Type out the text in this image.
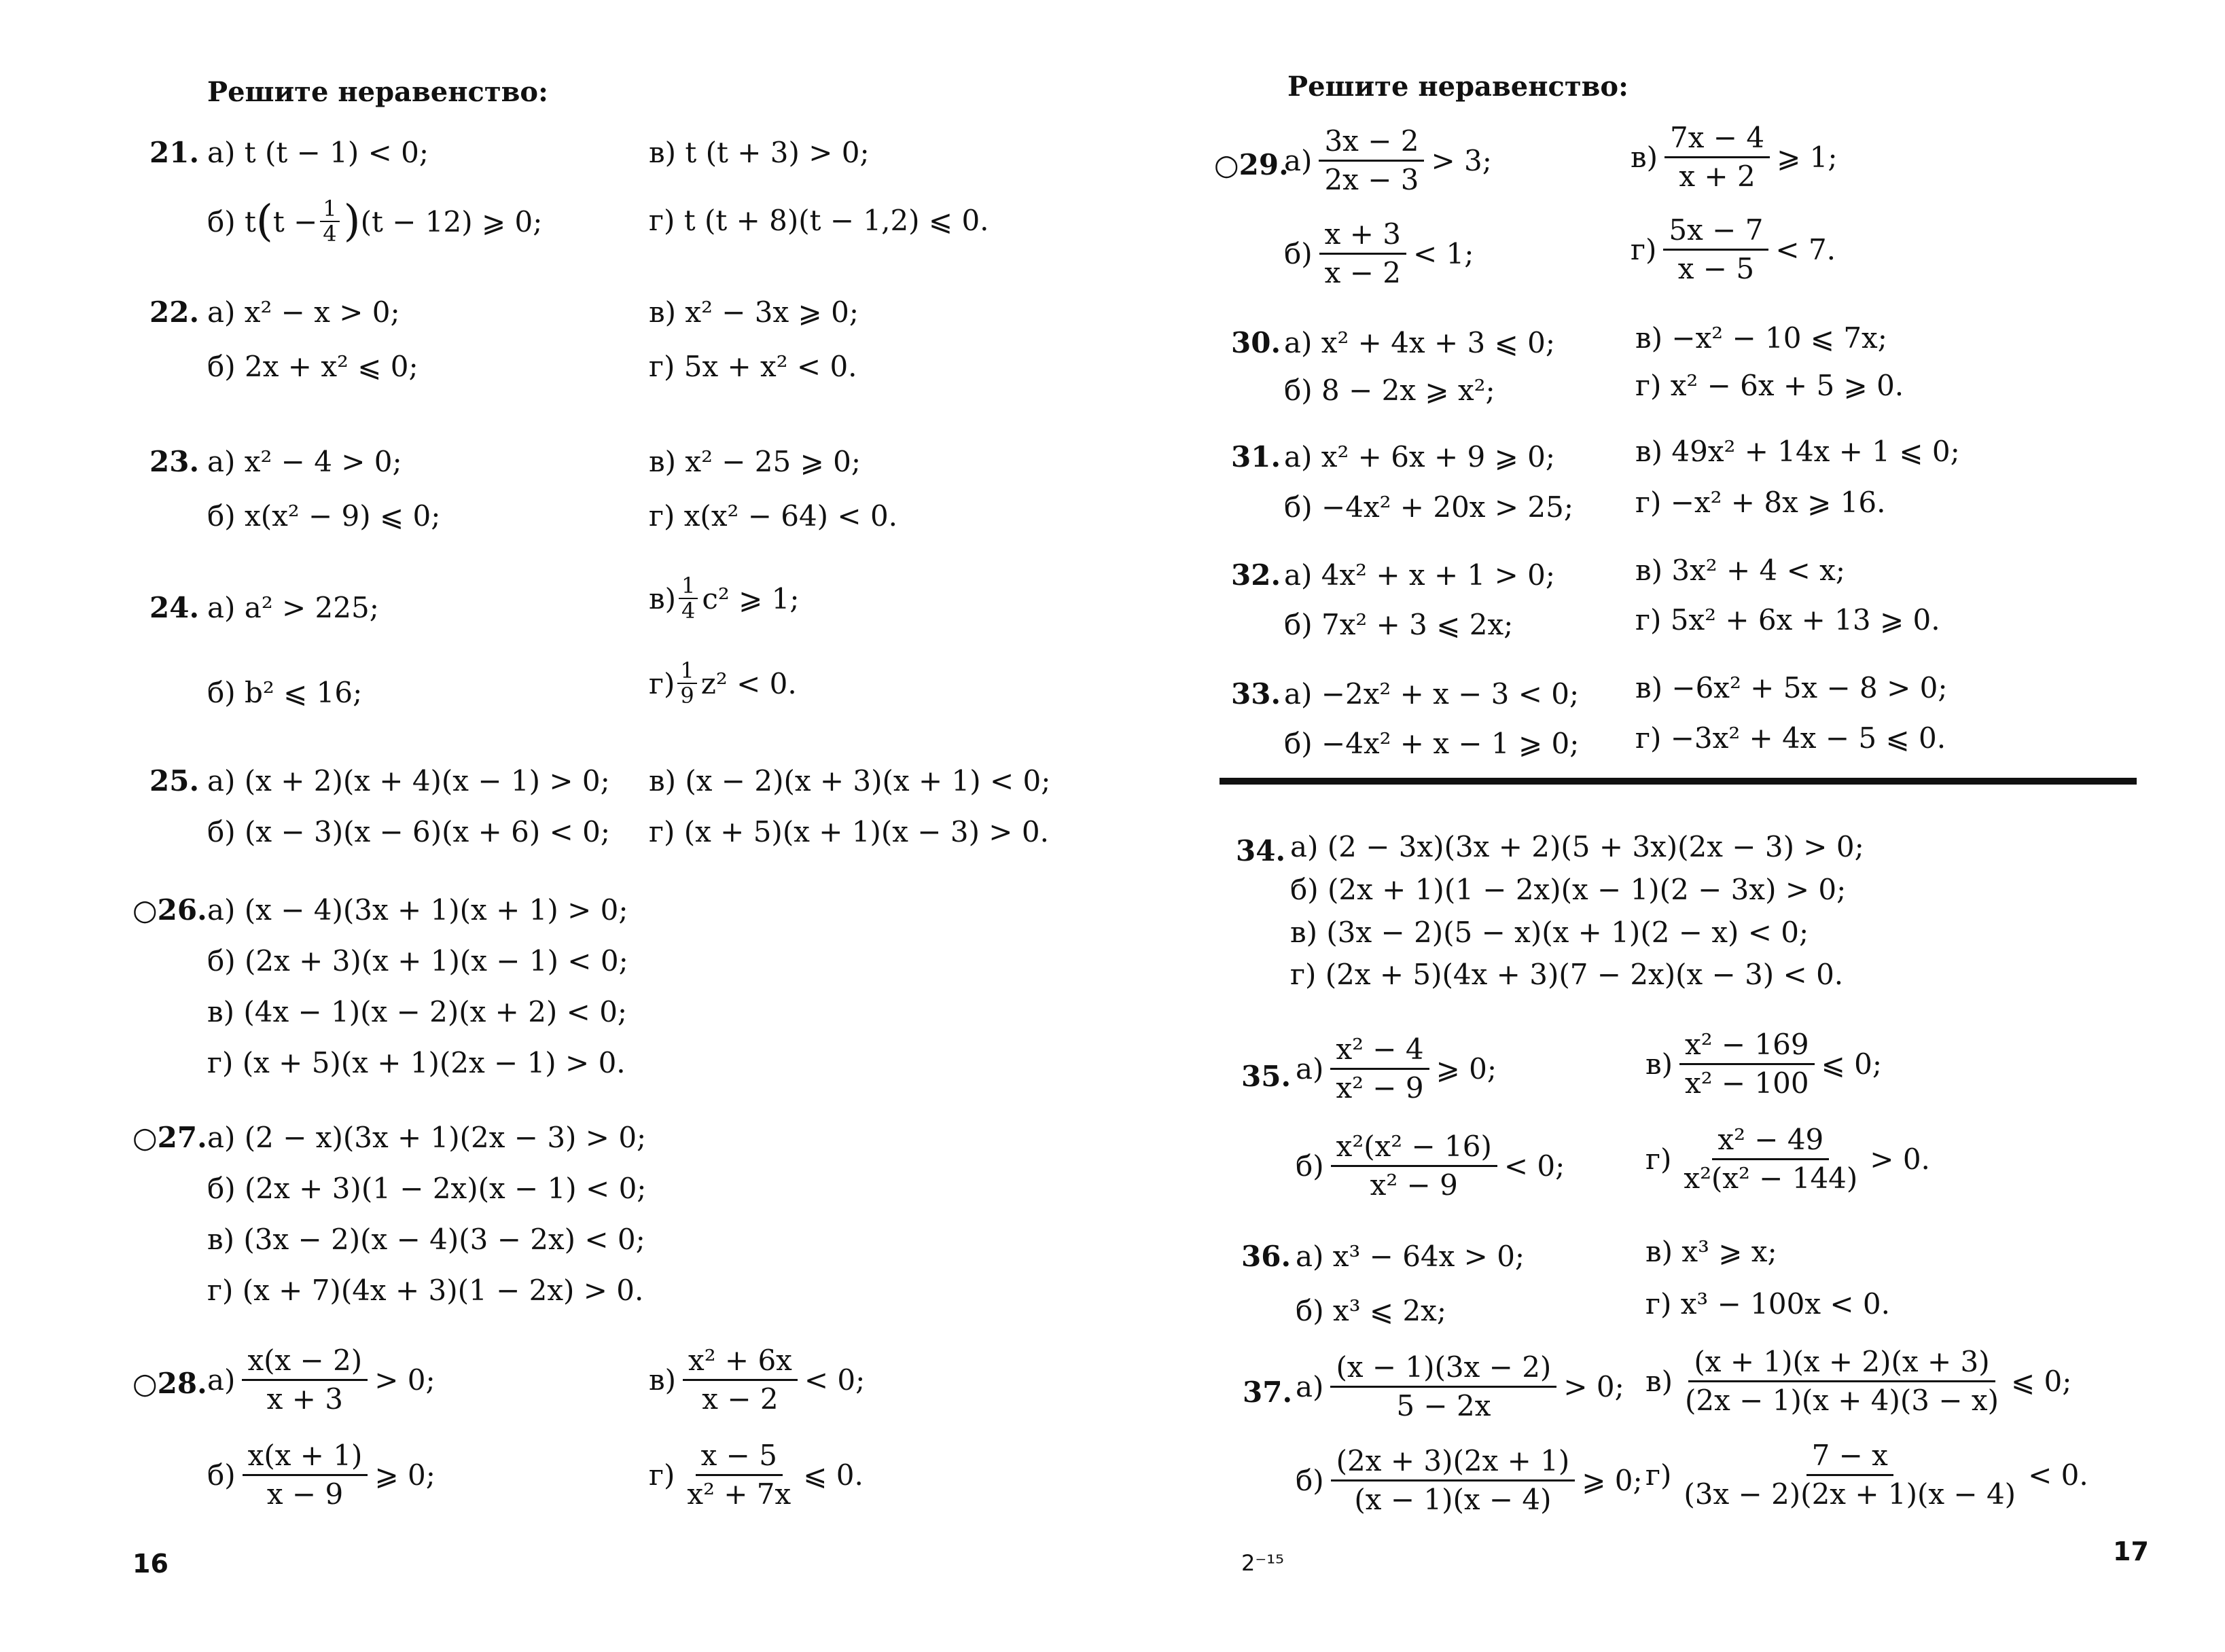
Решите неравенство:
21. а) t (t − 1) < 0;	в) t (t + 3) > 0;
б) t ( $t - \frac{1}{4}$ ) (t − 12) ⩾ 0;	г) t (t + 8)(t − 1,2) ⩽ 0.
22. а) x² − x > 0;	в) x² − 3x ⩾ 0;
б) 2x + x² ⩽ 0;	г) 5x + x² < 0.
23. а) x² − 4 > 0;	в) x² − 25 ⩾ 0;
б) x(x² − 9) ⩽ 0;	г) x(x² − 64) < 0.
24. а) a² > 225;	$в) \frac{1}{4} c^2$ ⩾ 1;
б) b² ⩽ 16;	$г) \frac{1}{9} z^2 < 0$.
25. а) (x + 2)(x + 4)(x − 1) > 0; в) (x − 2)(x + 3)(x + 1) < 0;
б) (x − 3)(x − 6)(x + 6) < 0; г) (x + 5)(x + 1)(x − 3) > 0.
○26. а) (x − 4)(3x + 1)(x + 1) > 0;
б) (2x + 3)(x + 1)(x − 1) < 0;
в) (4x − 1)(x − 2)(x + 2) < 0;
г) (x + 5)(x + 1)(2x − 1) > 0.
○27. а) (2 − x)(3x + 1)(2x − 3) > 0;
б) (2x + 3)(1 − 2x)(x − 1) < 0;
в) (3x − 2)(x − 4)(3 − 2x) < 0;
г) (x + 7)(4x + 3)(1 − 2x) > 0.
○28. $а) \frac{x(x - 2)}{x + 3} > 0$;	$в) \frac{\text{x² + 6x}}{x - 2} < 0$;
$б) \frac{x(x + 1)}{x - 9}$ ⩾ 0;	$г) \frac{x - 5}{\text{x² + 7x}}$ ⩽ 0.
16
Решите неравенство:
○29.
$а) \frac{3x - 2}{2x - 3} > 3$;	$в) \frac{7x - 4}{x + 2}$ ⩾ 1;
$б) \frac{x + 3}{x - 2} < 1$;	$г) \frac{5x - 7}{x - 5} < 7$.
30. а) x² + 4x + 3 ⩽ 0;	в) −x² − 10 ⩽ 7x;
б) 8 − 2x ⩾ x²;	г) x² − 6x + 5 ⩾ 0.
31. а) x² + 6x + 9 ⩾ 0;	в) 49x² + 14x + 1 ⩽ 0;
б) −4x² + 20x > 25; г) −x² + 8x ⩾ 16.
32. а) 4x² + x + 1 > 0;	в) 3x² + 4 < x;
б) 7x² + 3 ⩽ 2x;	г) 5x² + 6x + 13 ⩾ 0.
33. а) −2x² + x − 3 < 0; в) −6x² + 5x − 8 > 0;
б) −4x² + x − 1 ⩾ 0; г) −3x² + 4x − 5 ⩽ 0.
34. а) (2 − 3x)(3x + 2)(5 + 3x)(2x − 3) > 0;
б) (2x + 1)(1 − 2x)(x − 1)(2 − 3x) > 0;
в) (3x − 2)(5 − x)(x + 1)(2 − x) < 0;
г) (2x + 5)(4x + 3)(7 − 2x)(x − 3) < 0.
35. $а) \frac{\text{x² − 4}}{\text{x² − 9}}$ ⩾ 0;	$в) \frac{\text{x² − 169}}{\text{x² − 100}}$ ⩽ 0;
$б) \frac{\text{x²(x² − 16)}}{\text{x² − 9}} < 0$;	$г) \frac{\text{x² − 49}}{\text{x²(x² − 144)}} > 0$.
36. а) x³ − 64x > 0;	в) x³ ⩾ x;
б) x³ ⩽ 2x;	г) x³ − 100x < 0.
37. $а) \frac{(x - 1)(3x - 2)}{5 - 2x} > 0$; $в) \frac{(x + 1)(x + 2)(x + 3)}{(2x - 1)(x + 4)(3 - x)}$ ⩽ 0;
$б) \frac{(2x + 3)(2x + 1)}{(x - 1)(x - 4)}$ ⩾ 0; $г) \frac{7 - x}{(3x - 2)(2x + 1)(x - 4)} < 0$.
2⁻¹⁵	17
